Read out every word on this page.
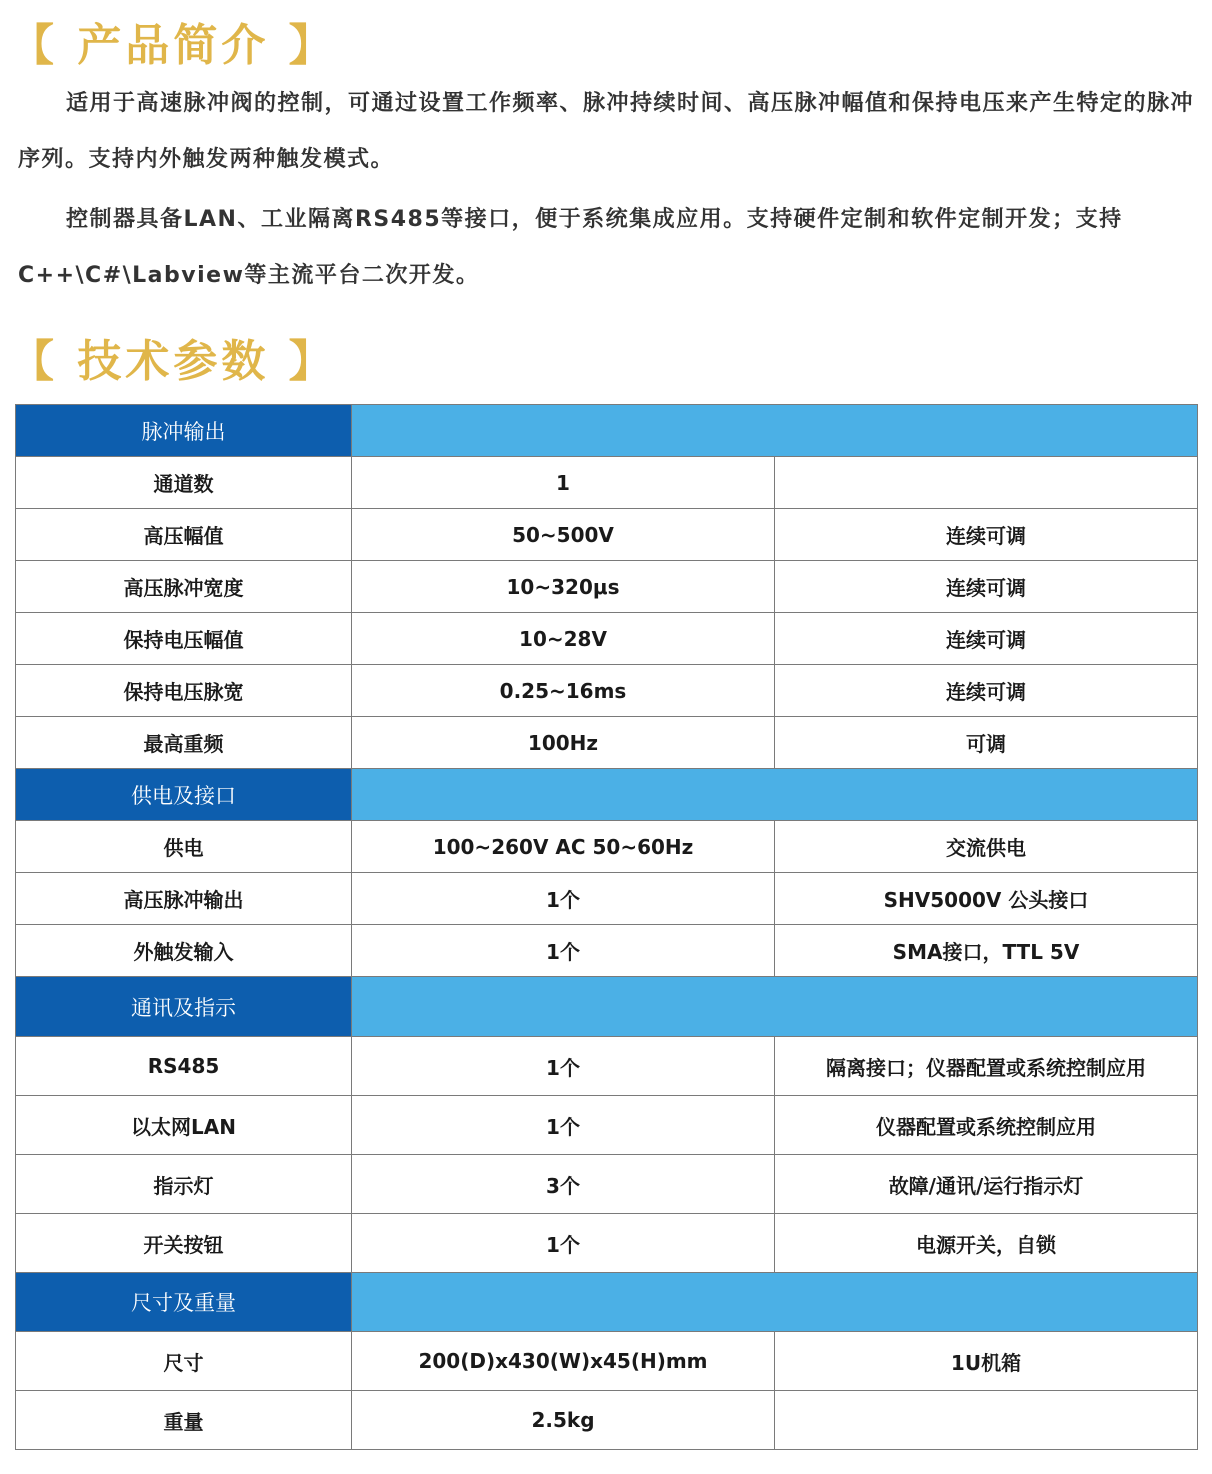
【 产品简介 】
适用于高速脉冲阀的控制，可通过设置工作频率、脉冲持续时间、高压脉冲幅值和保持电压来产生特定的脉冲序列。支持内外触发两种触发模式。
控制器具备LAN、工业隔离RS485等接口，便于系统集成应用。支持硬件定制和软件定制开发；支持C++\C#\Labview等主流平台二次开发。
【 技术参数 】
脉冲输出		
通道数	1	
高压幅值	50~500V	连续可调
高压脉冲宽度	10~320μs	连续可调
保持电压幅值	10~28V	连续可调
保持电压脉宽	0.25~16ms	连续可调
最高重频	100Hz	可调
供电及接口		
供电	100~260V AC 50~60Hz	交流供电
高压脉冲输出	1个	SHV5000V 公头接口
外触发输入	1个	SMA接口，TTL 5V
通讯及指示		
RS485	1个	隔离接口；仪器配置或系统控制应用
以太网LAN	1个	仪器配置或系统控制应用
指示灯	3个	故障/通讯/运行指示灯
开关按钮	1个	电源开关，自锁
尺寸及重量		
尺寸	200(D)x430(W)x45(H)mm	1U机箱
重量	2.5kg	
